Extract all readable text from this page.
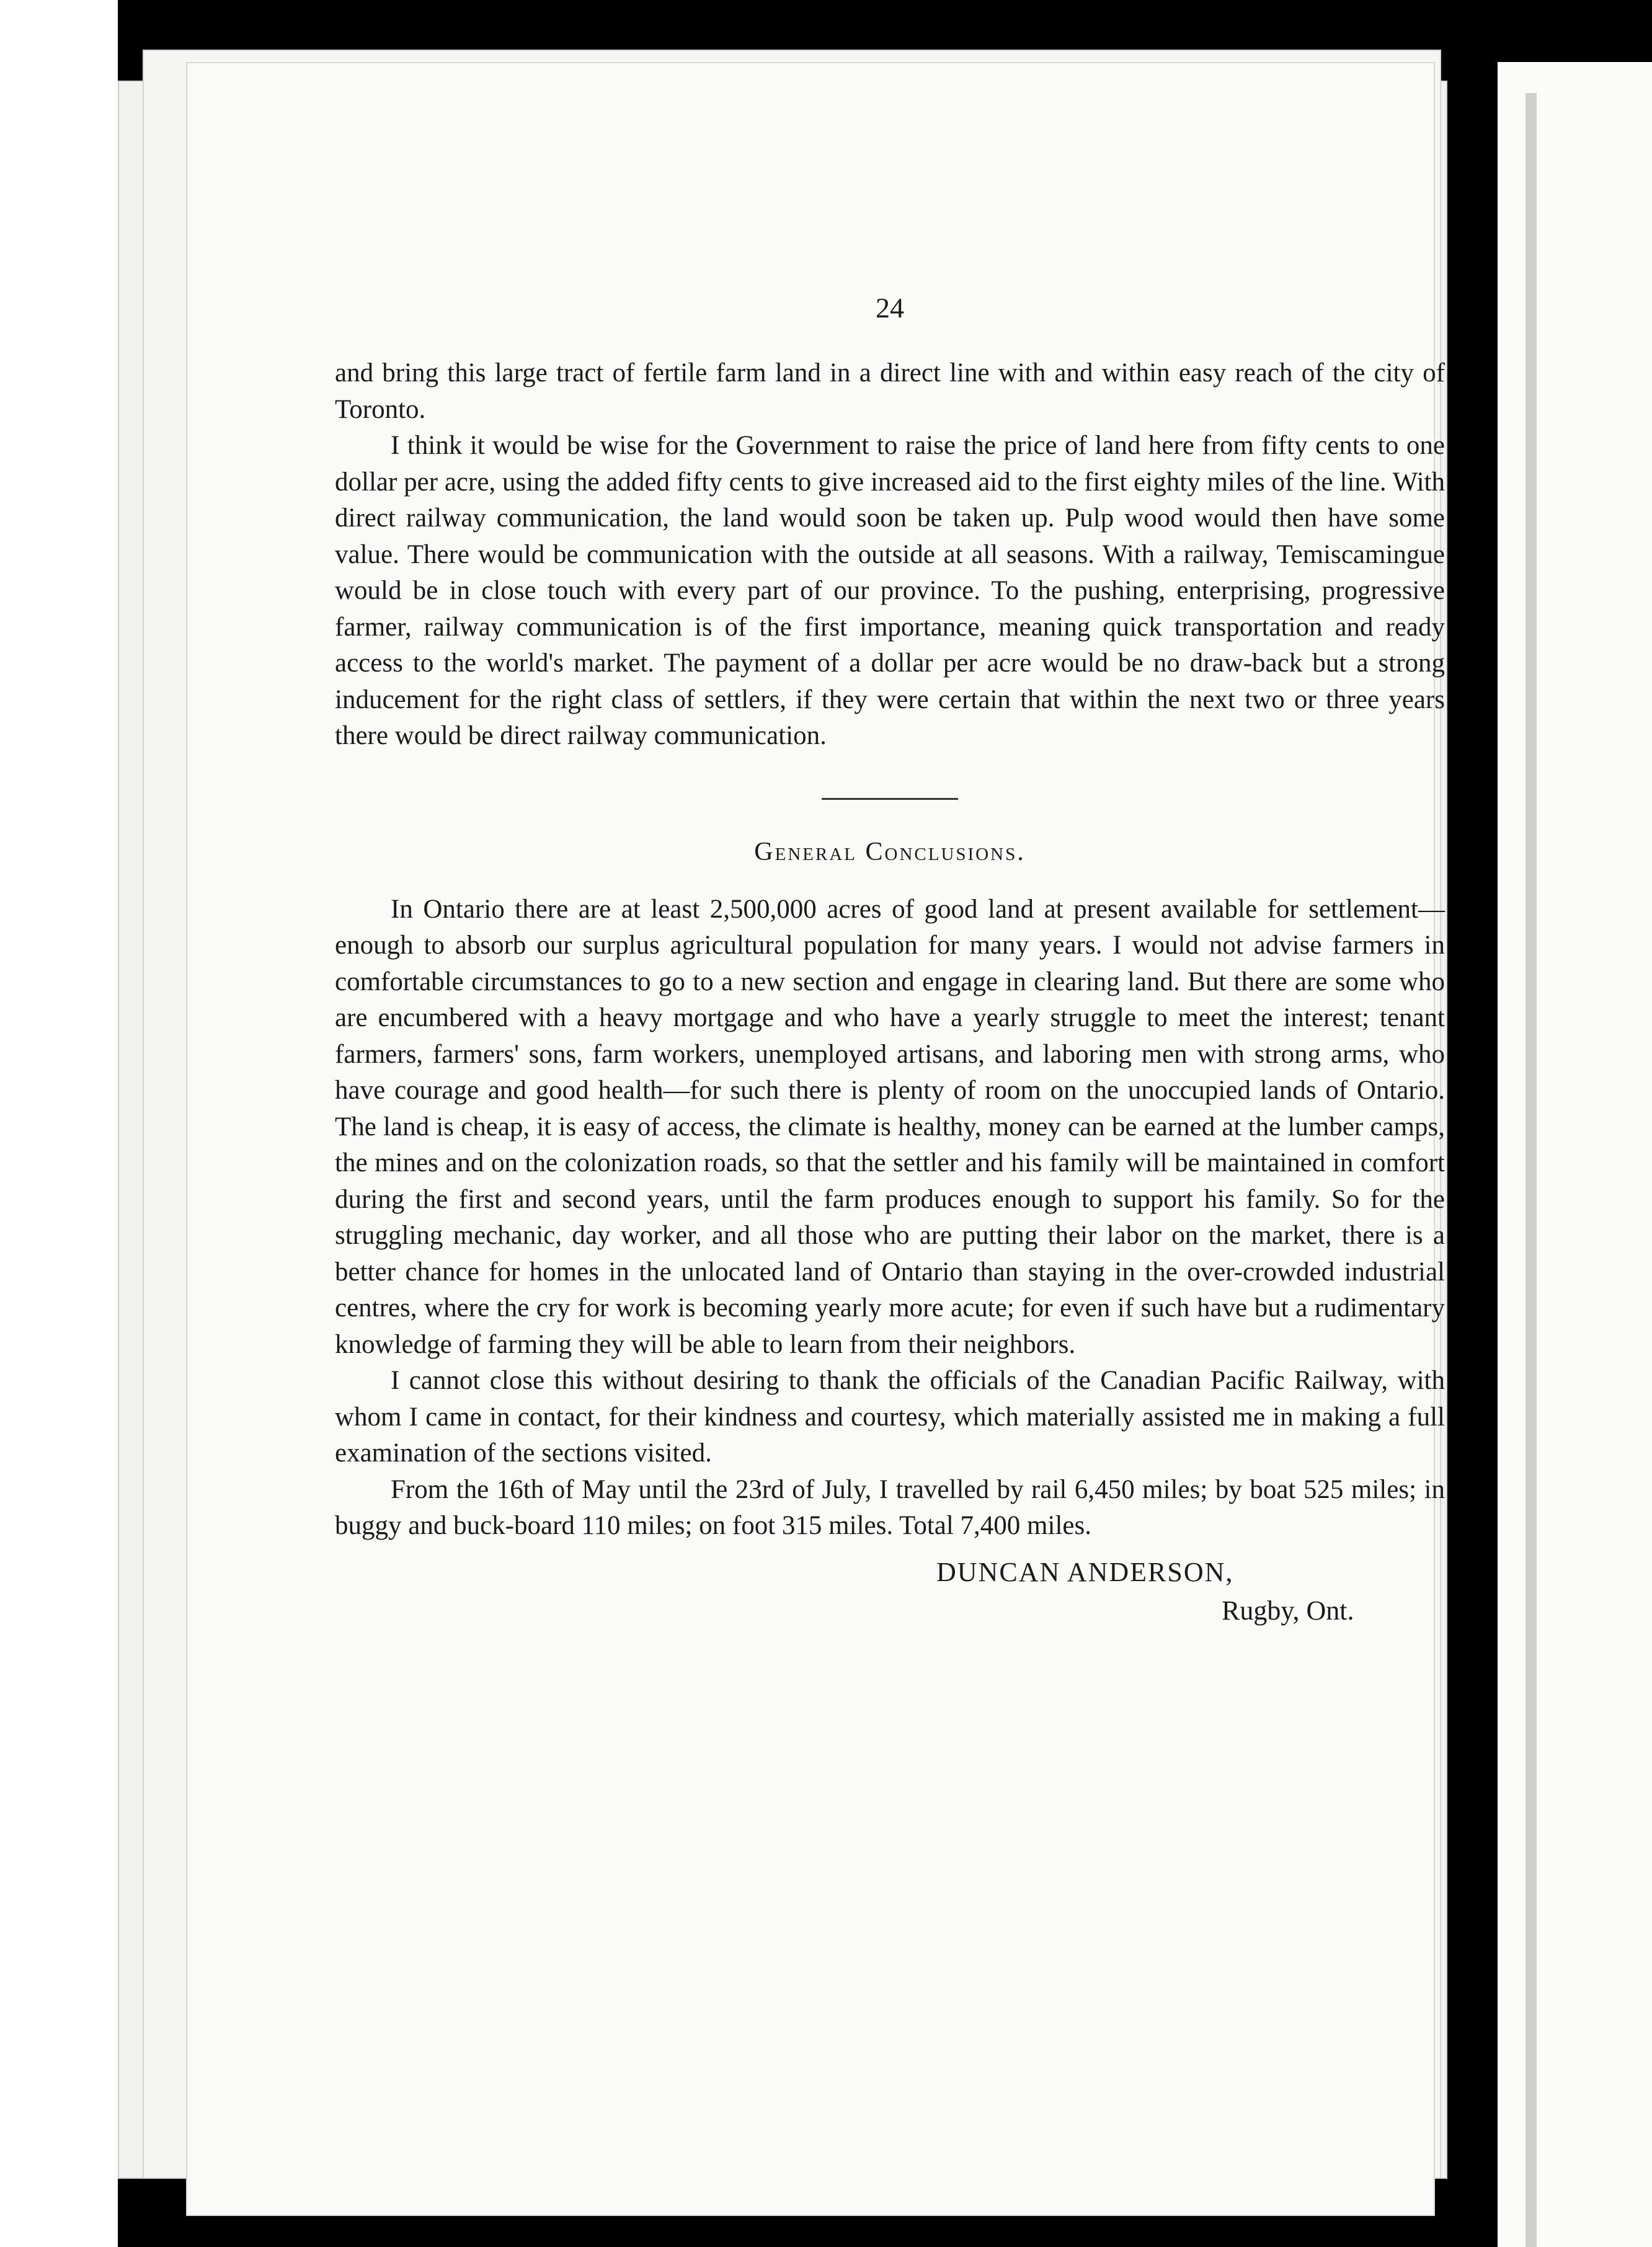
24

and bring this large tract of fertile farm land in a direct line with and within easy reach of the city of Toronto.

I think it would be wise for the Government to raise the price of land here from fifty cents to one dollar per acre, using the added fifty cents to give increased aid to the first eighty miles of the line. With direct railway communication, the land would soon be taken up. Pulp wood would then have some value. There would be communication with the outside at all seasons. With a railway, Temiscamingue would be in close touch with every part of our province. To the pushing, enterprising, progressive farmer, railway communication is of the first importance, meaning quick transportation and ready access to the world's market. The payment of a dollar per acre would be no draw-back but a strong inducement for the right class of settlers, if they were certain that within the next two or three years there would be direct railway communication.

General Conclusions.

In Ontario there are at least 2,500,000 acres of good land at present available for settlement—enough to absorb our surplus agricultural population for many years. I would not advise farmers in comfortable circumstances to go to a new section and engage in clearing land. But there are some who are encumbered with a heavy mortgage and who have a yearly struggle to meet the interest; tenant farmers, farmers' sons, farm workers, unemployed artisans, and laboring men with strong arms, who have courage and good health—for such there is plenty of room on the unoccupied lands of Ontario. The land is cheap, it is easy of access, the climate is healthy, money can be earned at the lumber camps, the mines and on the colonization roads, so that the settler and his family will be maintained in comfort during the first and second years, until the farm produces enough to support his family. So for the struggling mechanic, day worker, and all those who are putting their labor on the market, there is a better chance for homes in the unlocated land of Ontario than staying in the over-crowded industrial centres, where the cry for work is becoming yearly more acute; for even if such have but a rudimentary knowledge of farming they will be able to learn from their neighbors.

I cannot close this without desiring to thank the officials of the Canadian Pacific Railway, with whom I came in contact, for their kindness and courtesy, which materially assisted me in making a full examination of the sections visited.

From the 16th of May until the 23rd of July, I travelled by rail 6,450 miles; by boat 525 miles; in buggy and buck-board 110 miles; on foot 315 miles. Total 7,400 miles.

DUNCAN ANDERSON,
Rugby, Ont.
